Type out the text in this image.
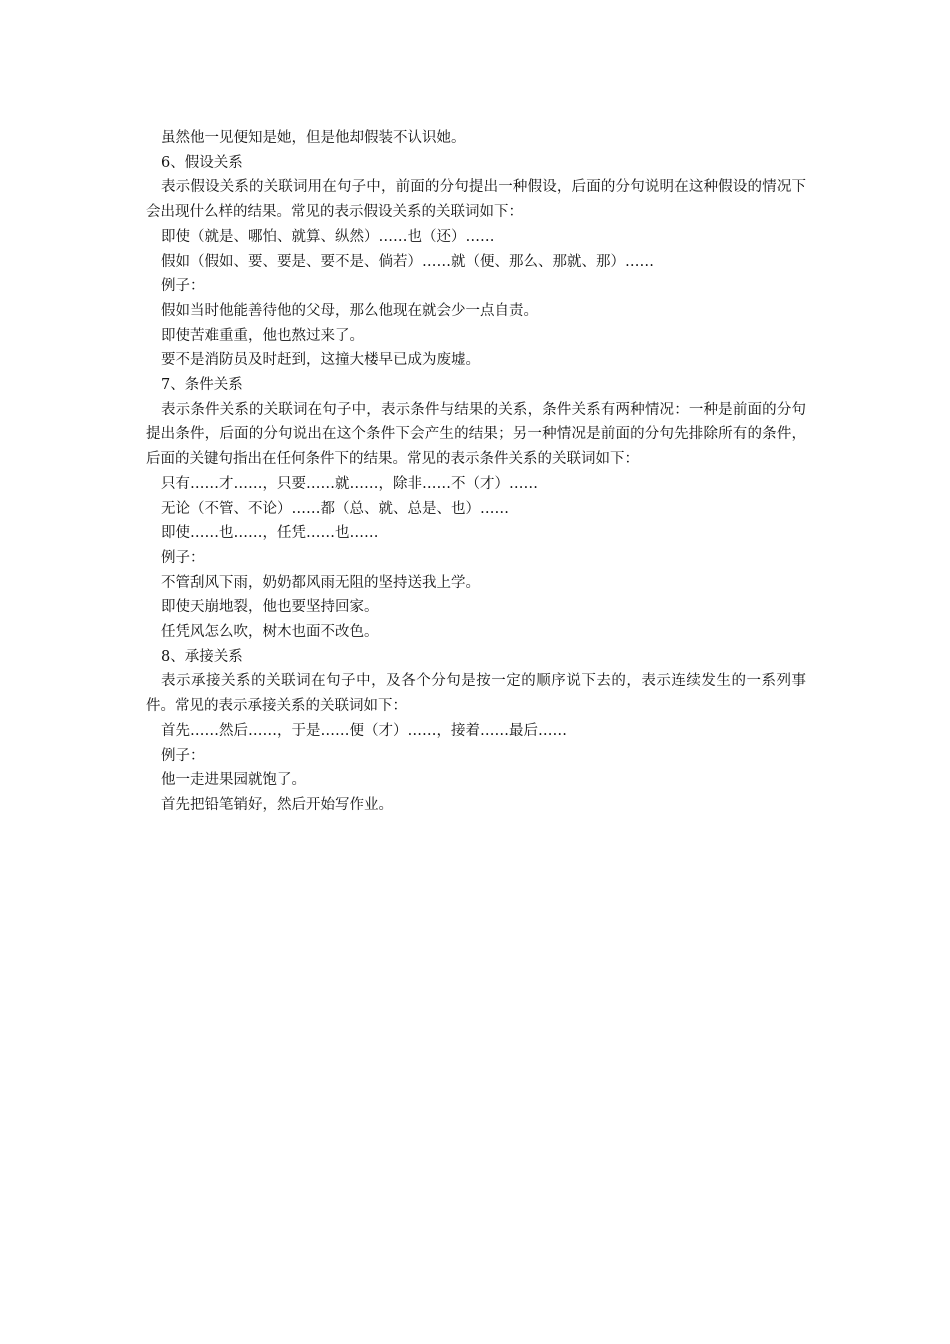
虽然他一见便知是她，但是他却假装不认识她。

6、假设关系

表示假设关系的关联词用在句子中，前面的分句提出一种假设，后面的分句说明在这种假设的情况下会出现什么样的结果。常见的表示假设关系的关联词如下：

即使（就是、哪怕、就算、纵然）……也（还）……

假如（假如、要、要是、要不是、倘若）……就（便、那么、那就、那）……

例子：

假如当时他能善待他的父母，那么他现在就会少一点自责。

即使苦难重重，他也熬过来了。

要不是消防员及时赶到，这撞大楼早已成为废墟。

7、条件关系

表示条件关系的关联词在句子中，表示条件与结果的关系，条件关系有两种情况：一种是前面的分句提出条件，后面的分句说出在这个条件下会产生的结果；另一种情况是前面的分句先排除所有的条件，后面的关键句指出在任何条件下的结果。常见的表示条件关系的关联词如下：

只有……才……，只要……就……，除非……不（才）……

无论（不管、不论）……都（总、就、总是、也）……

即使……也……，任凭……也……

例子：

不管刮风下雨，奶奶都风雨无阻的坚持送我上学。

即使天崩地裂，他也要坚持回家。

任凭风怎么吹，树木也面不改色。

8、承接关系

表示承接关系的关联词在句子中，及各个分句是按一定的顺序说下去的，表示连续发生的一系列事件。常见的表示承接关系的关联词如下：

首先……然后……，于是……便（才）……，接着……最后……

例子：

他一走进果园就饱了。

首先把铅笔销好，然后开始写作业。
